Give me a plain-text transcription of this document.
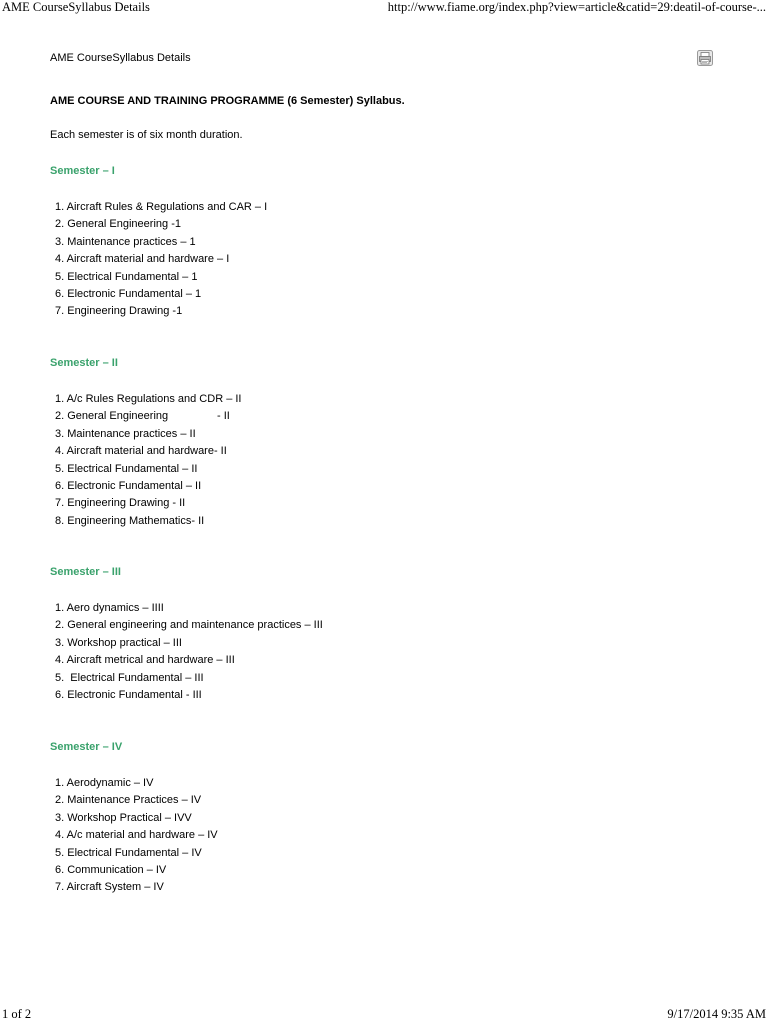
AME CourseSyllabus Details	http://www.fiame.org/index.php?view=article&catid=29:deatil-of-course-...
AME CourseSyllabus Details
AME COURSE AND TRAINING PROGRAMME (6 Semester) Syllabus.
Each semester is of six month duration.
Semester – I
1. Aircraft Rules & Regulations and CAR – I
2. General Engineering -1
3. Maintenance practices – 1
4. Aircraft material and hardware – I
5. Electrical Fundamental – 1
6. Electronic Fundamental – 1
7. Engineering Drawing -1
Semester – II
1. A/c Rules Regulations and CDR – II
2. General Engineering                - II
3. Maintenance practices – II
4. Aircraft material and hardware- II
5. Electrical Fundamental – II
6. Electronic Fundamental – II
7. Engineering Drawing - II
8. Engineering Mathematics- II
Semester – III
1. Aero dynamics – IIII
2. General engineering and maintenance practices – III
3. Workshop practical – III
4. Aircraft metrical and hardware – III
5.  Electrical Fundamental – III
6. Electronic Fundamental - III
Semester – IV
1. Aerodynamic – IV
2. Maintenance Practices – IV
3. Workshop Practical – IVV
4. A/c material and hardware – IV
5. Electrical Fundamental – IV
6. Communication – IV
7. Aircraft System – IV
1 of 2	9/17/2014 9:35 AM
